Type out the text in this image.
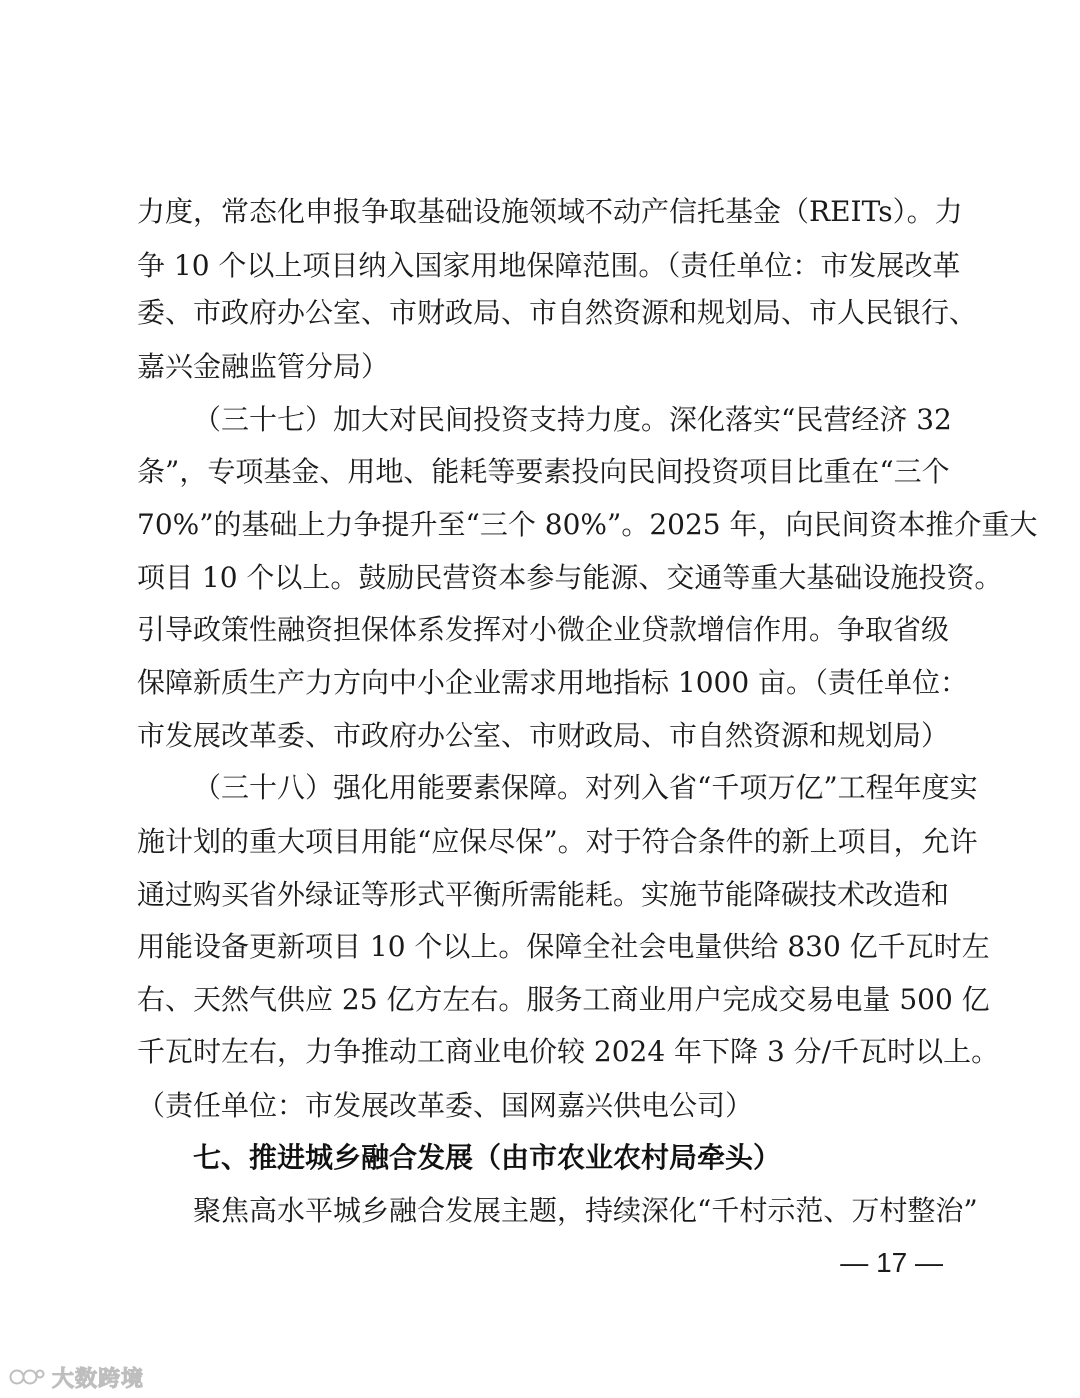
力度，常态化申报争取基础设施领域不动产信托基金（REITs）。力
争 10 个以上项目纳入国家用地保障范围。（责任单位：市发展改革
委、市政府办公室、市财政局、市自然资源和规划局、市人民银行、
嘉兴金融监管分局）
（三十七）加大对民间投资支持力度。深化落实“民营经济 32
条”，专项基金、用地、能耗等要素投向民间投资项目比重在“三个
70%”的基础上力争提升至“三个 80%”。2025 年，向民间资本推介重大
项目 10 个以上。鼓励民营资本参与能源、交通等重大基础设施投资。
引导政策性融资担保体系发挥对小微企业贷款增信作用。争取省级
保障新质生产力方向中小企业需求用地指标 1000 亩。（责任单位：
市发展改革委、市政府办公室、市财政局、市自然资源和规划局）
（三十八）强化用能要素保障。对列入省“千项万亿”工程年度实
施计划的重大项目用能“应保尽保”。对于符合条件的新上项目，允许
通过购买省外绿证等形式平衡所需能耗。实施节能降碳技术改造和
用能设备更新项目 10 个以上。保障全社会电量供给 830 亿千瓦时左
右、天然气供应 25 亿方左右。服务工商业用户完成交易电量 500 亿
千瓦时左右，力争推动工商业电价较 2024 年下降 3 分/千瓦时以上。
（责任单位：市发展改革委、国网嘉兴供电公司）
七、推进城乡融合发展（由市农业农村局牵头）
聚焦高水平城乡融合发展主题，持续深化“千村示范、万村整治”
— 17 —
大数跨境
